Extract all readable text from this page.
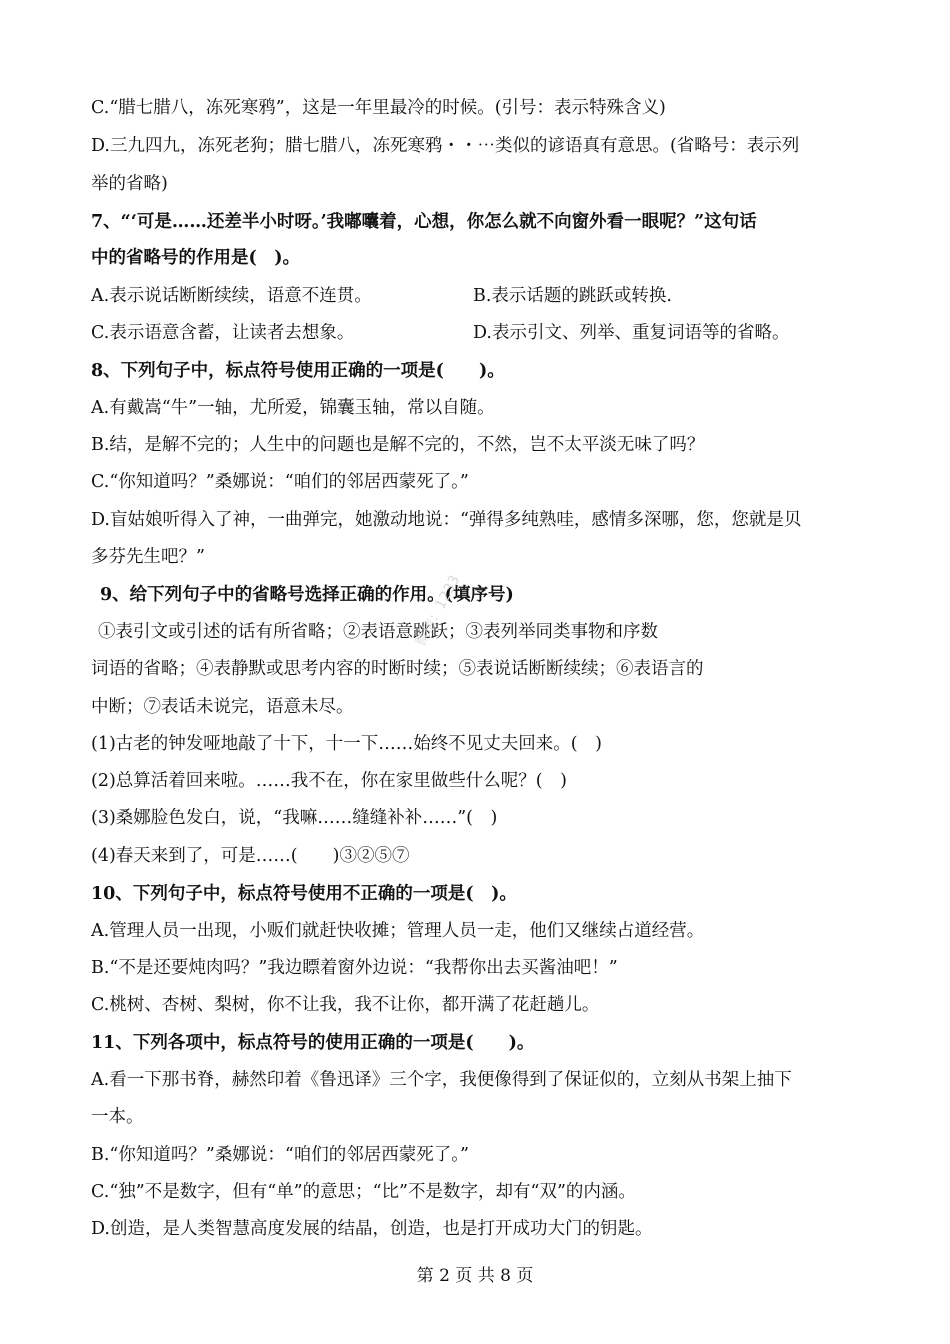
C.“腊七腊八，冻死寒鸦”，这是一年里最冷的时候。(引号：表示特殊含义)
D.三九四九，冻死老狗；腊七腊八，冻死寒鸦・・⋯类似的谚语真有意思。(省略号：表示列
举的省略)
7、“‘可是……还差半小时呀。’我嘟囔着，心想，你怎么就不向窗外看一眼呢？”这句话
中的省略号的作用是(　)。
A.表示说话断断续续，语意不连贯。	B.表示话题的跳跃或转换.
C.表示语意含蓄，让读者去想象。	D.表示引文、列举、重复词语等的省略。
8、下列句子中，标点符号使用正确的一项是(　　)。
A.有戴嵩“牛”一轴，尤所爱，锦囊玉轴，常以自随。
B.结，是解不完的；人生中的问题也是解不完的，不然，岂不太平淡无味了吗？
C.“你知道吗？”桑娜说：“咱们的邻居西蒙死了。”
D.盲姑娘听得入了神，一曲弹完，她激动地说：“弹得多纯熟哇，感情多深哪，您，您就是贝
多芬先生吧？”
9、给下列句子中的省略号选择正确的作用。(填序号)
①表引文或引述的话有所省略；②表语意跳跃；③表列举同类事物和序数
词语的省略；④表静默或思考内容的时断时续；⑤表说话断断续续；⑥表语言的
中断；⑦表话未说完，语意未尽。
(1)古老的钟发哑地敲了十下，十一下……始终不见丈夫回来。(　)
(2)总算活着回来啦。……我不在，你在家里做些什么呢？(　)
(3)桑娜脸色发白，说，“我嘛……缝缝补补……”(　)
(4)春天来到了，可是……(　　)③②⑤⑦
10、下列句子中，标点符号使用不正确的一项是(　)。
A.管理人员一出现，小贩们就赶快收摊；管理人员一走，他们又继续占道经营。
B.“不是还要炖肉吗？”我边瞟着窗外边说：“我帮你出去买酱油吧！”
C.桃树、杏树、梨树，你不让我，我不让你，都开满了花赶趟儿。
11、下列各项中，标点符号的使用正确的一项是(　　)。
A.看一下那书脊，赫然印着《鲁迅译》三个字，我便像得到了保证似的，立刻从书架上抽下
一本。
B.“你知道吗？”桑娜说：“咱们的邻居西蒙死了。”
C.“独”不是数字，但有“单”的意思；“比”不是数字，却有“双”的内涵。
D.创造，是人类智慧高度发展的结晶，创造，也是打开成功大门的钥匙。
微信：1233
第 2 页 共 8 页
